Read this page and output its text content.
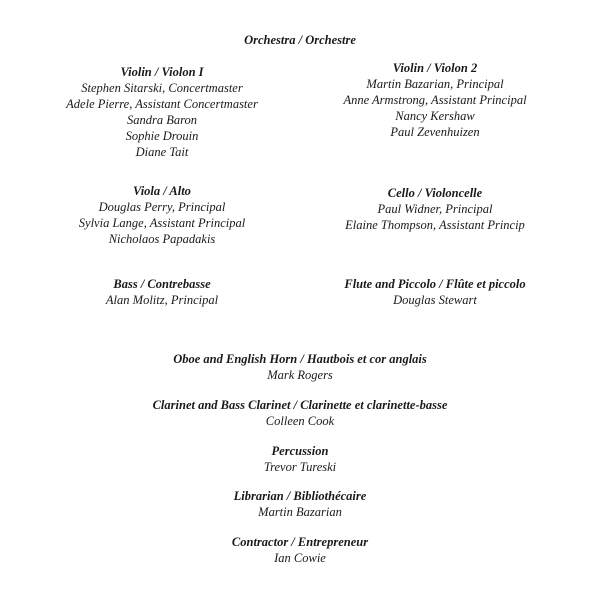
Orchestra / Orchestre
Violin / Violon I
Stephen Sitarski, Concertmaster
Adele Pierre, Assistant Concertmaster
Sandra Baron
Sophie Drouin
Diane Tait
Violin / Violon 2
Martin Bazarian, Principal
Anne Armstrong, Assistant Principal
Nancy Kershaw
Paul Zevenhuizen
Viola / Alto
Douglas Perry, Principal
Sylvia Lange, Assistant Principal
Nicholaos Papadakis
Cello / Violoncelle
Paul Widner, Principal
Elaine Thompson, Assistant Princip
Bass / Contrebasse
Alan Molitz, Principal
Flute and Piccolo / Flûte et piccolo
Douglas Stewart
Oboe and English Horn / Hautbois et cor anglais
Mark Rogers
Clarinet and Bass Clarinet / Clarinette et clarinette-basse
Colleen Cook
Percussion
Trevor Tureski
Librarian / Bibliothécaire
Martin Bazarian
Contractor / Entrepreneur
Ian Cowie
